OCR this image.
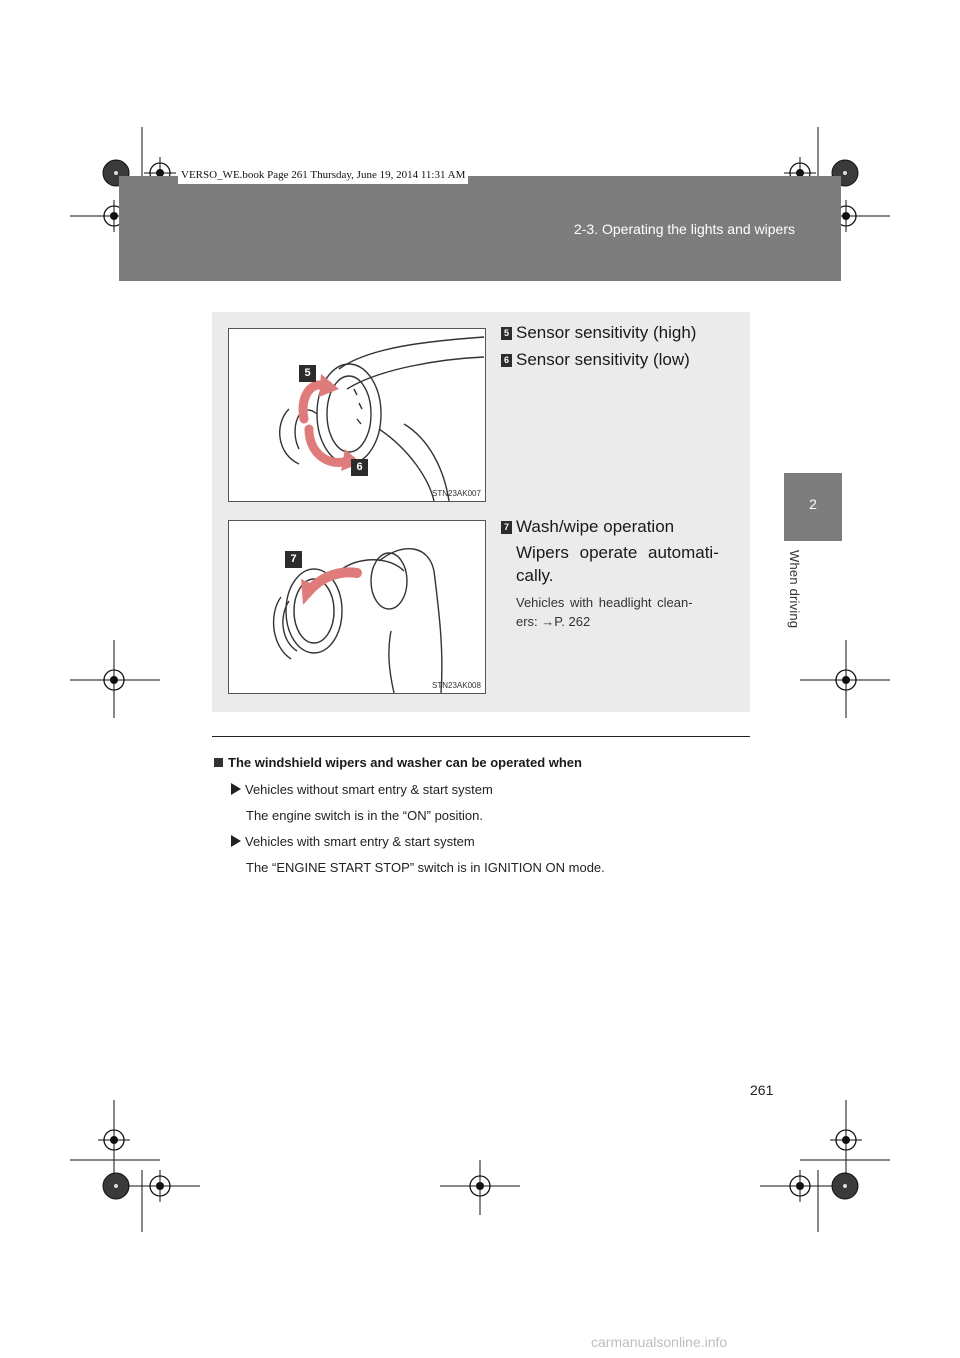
2-3. Operating the lights and wipers
VERSO_WE.book Page 261 Thursday, June 19, 2014 11:31 AM
2
When driving
5
6
STN23AK007
7
STN23AK008
5 Sensor sensitivity (high)
6 Sensor sensitivity (low)
7 Wash/wipe operation
Wipers operate automati-
cally.
Vehicles with headlight clean-
ers: →P. 262
The windshield wipers and washer can be operated when
Vehicles without smart entry & start system
The engine switch is in the “ON” position.
Vehicles with smart entry & start system
The “ENGINE START STOP” switch is in IGNITION ON mode.
261
carmanualsonline.info
